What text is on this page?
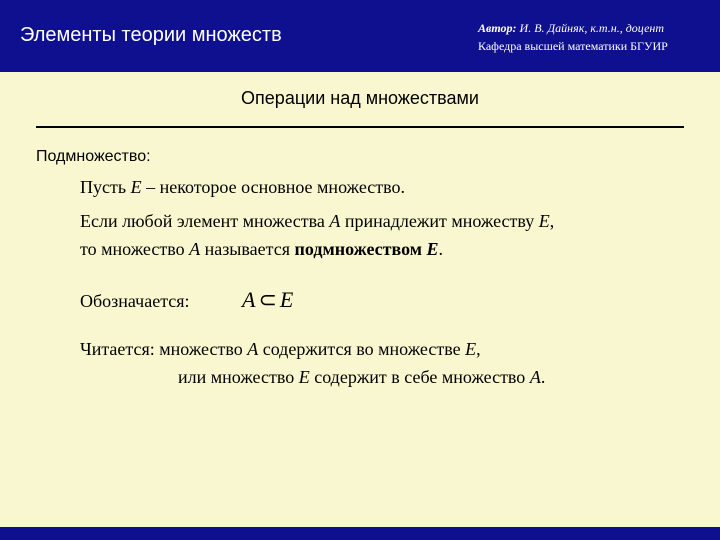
Элементы теории множеств	Автор: И. В. Дайняк, к.т.н., доцент
Кафедра высшей математики БГУИР
Операции над множествами
Подмножество:
Пусть E – некоторое основное множество.
Если любой элемент множества A принадлежит множеству E,
то множество A называется подмножеством E.
Обозначается: A ⊂ E
Читается: множество A содержится во множестве E,
или множество E содержит в себе множество A.
